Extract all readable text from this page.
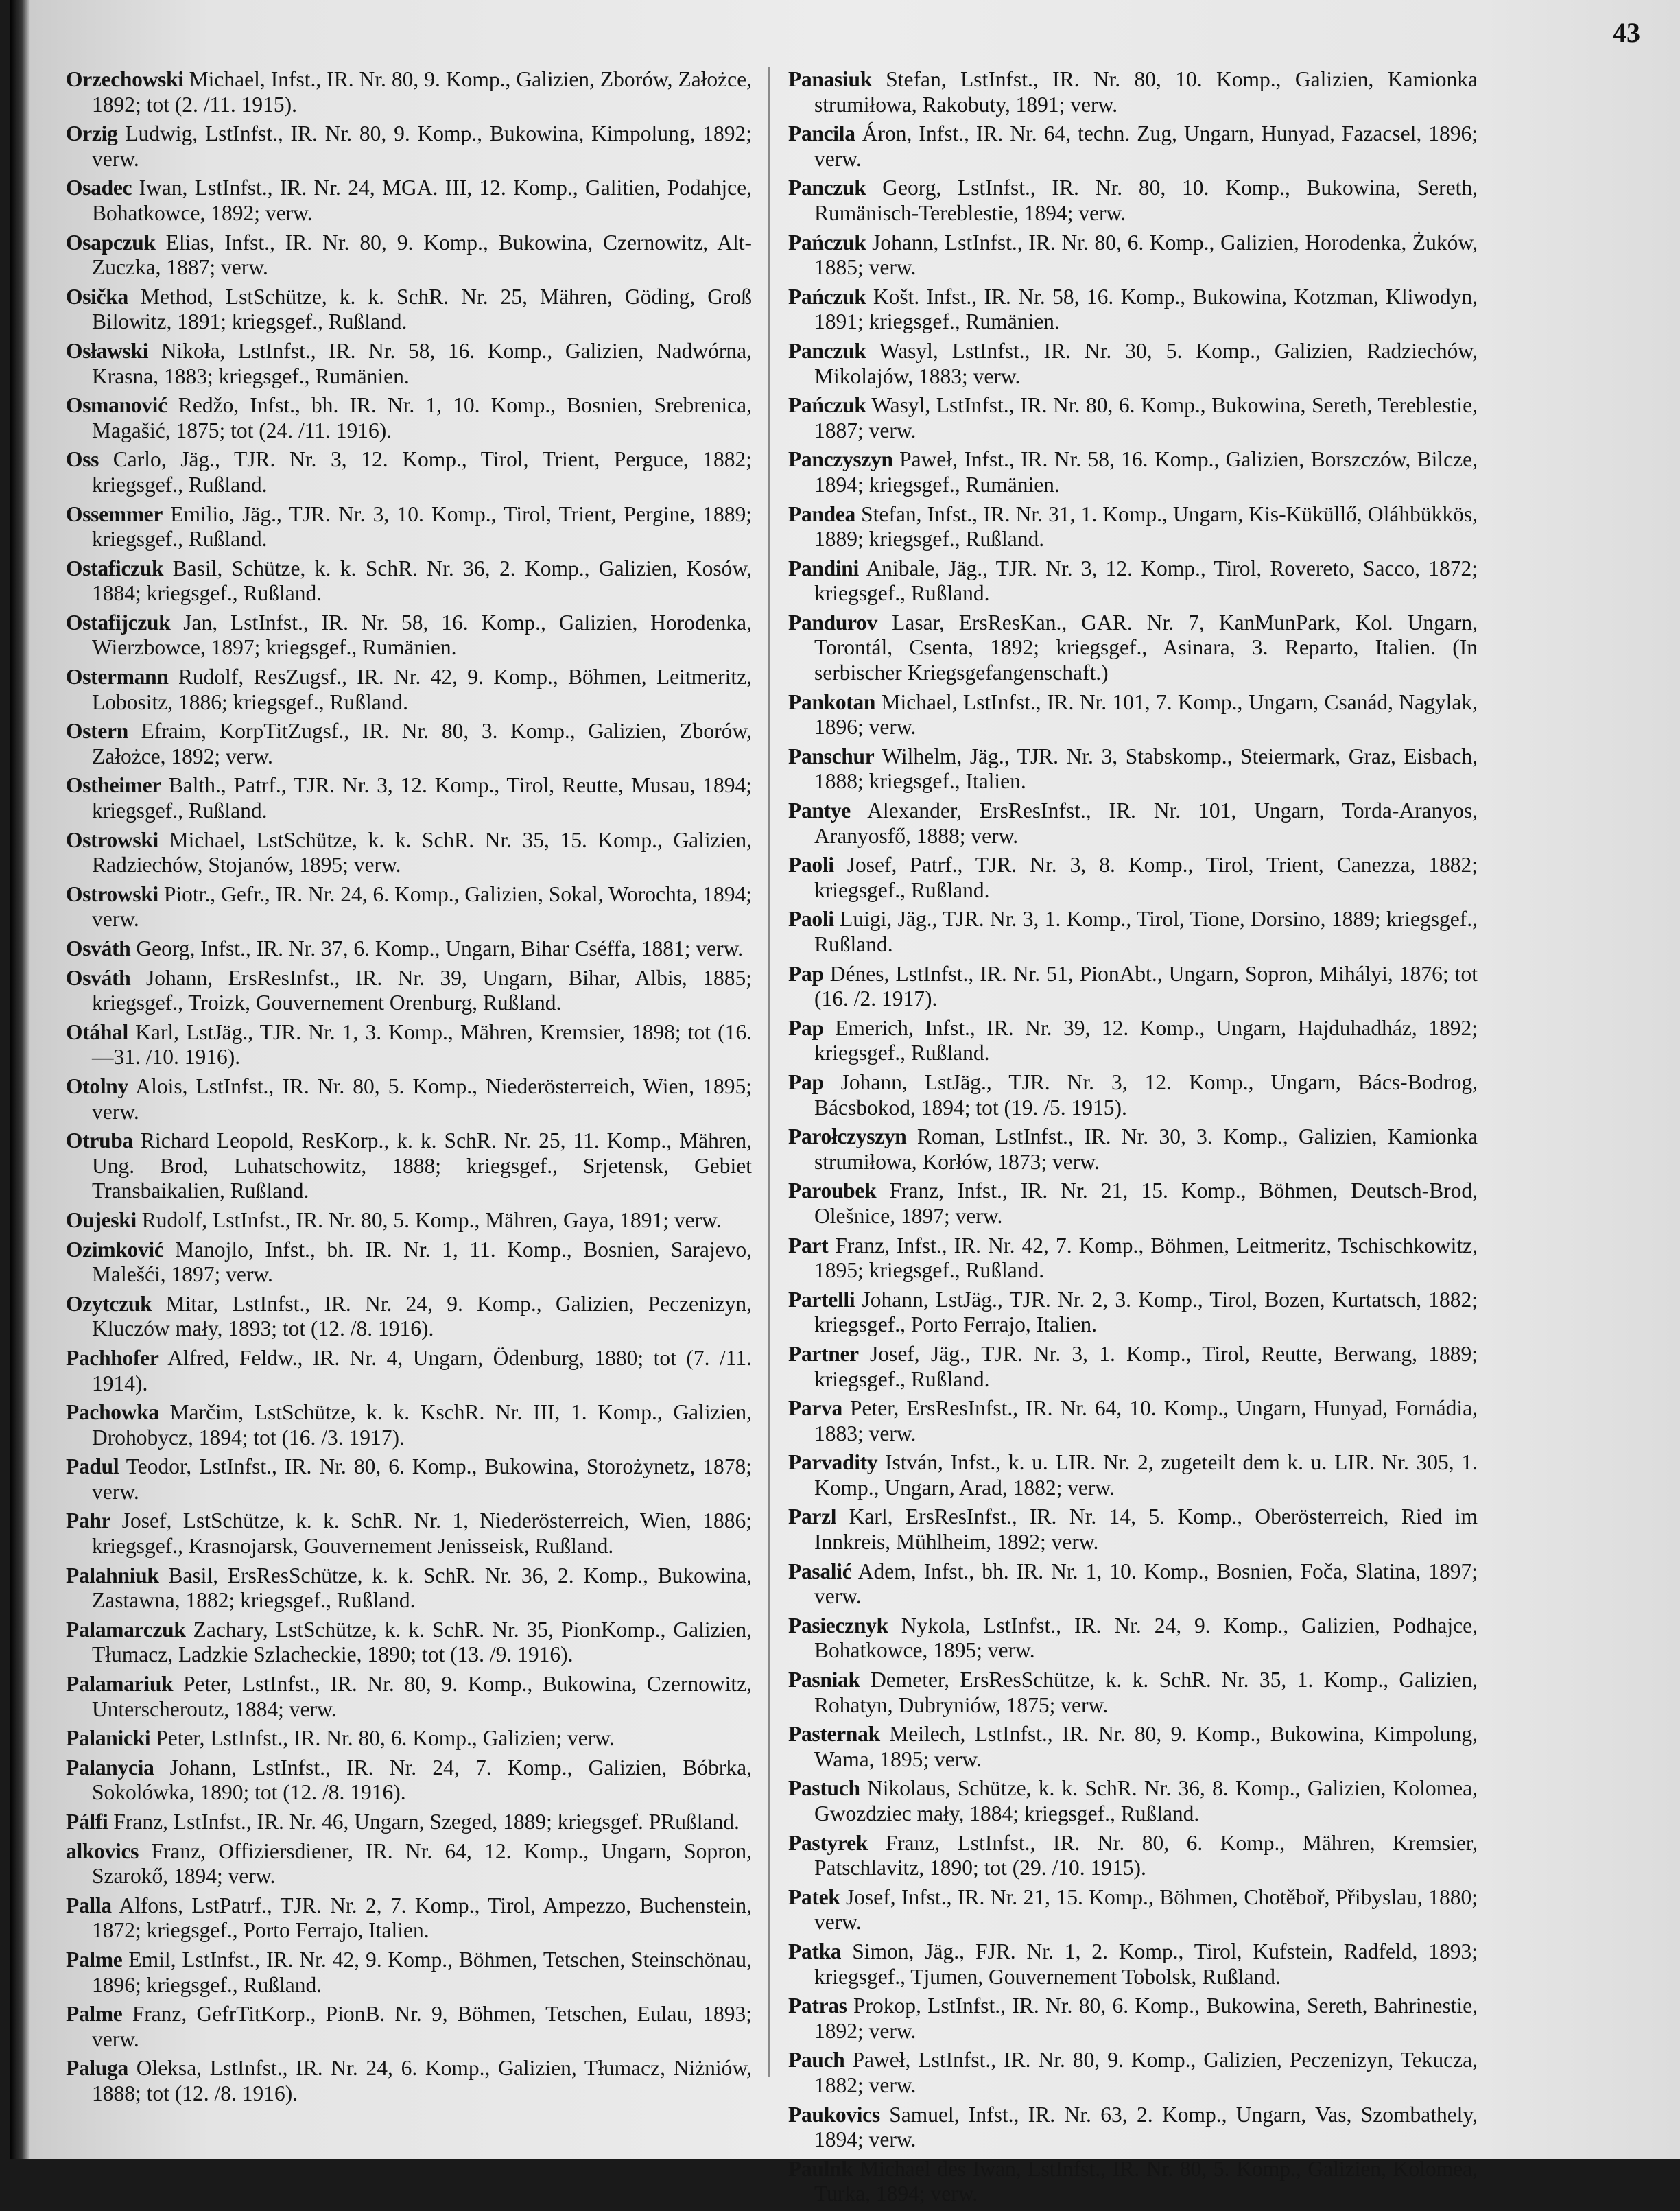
43

Orzechowski Michael, Infst., IR. Nr. 80, 9. Komp., Galizien, Zborów, Założce, 1892; tot (2. /11. 1915).

Orzig Ludwig, LstInfst., IR. Nr. 80, 9. Komp., Bukowina, Kimpolung, 1892; verw.

Osadec Iwan, LstInfst., IR. Nr. 24, MGA. III, 12. Komp., Galitien, Podahjce, Bohatkowce, 1892; verw.

Osapczuk Elias, Infst., IR. Nr. 80, 9. Komp., Bukowina, Czernowitz, Alt-Zuczka, 1887; verw.

Osička Method, LstSchütze, k. k. SchR. Nr. 25, Mähren, Göding, Groß Bilowitz, 1891; kriegsgef., Rußland.

Osławski Nikoła, LstInfst., IR. Nr. 58, 16. Komp., Galizien, Nadwórna, Krasna, 1883; kriegsgef., Rumänien.

Osmanović Redžo, Infst., bh. IR. Nr. 1, 10. Komp., Bosnien, Srebrenica, Magašić, 1875; tot (24. /11. 1916).

Oss Carlo, Jäg., TJR. Nr. 3, 12. Komp., Tirol, Trient, Perguce, 1882; kriegsgef., Rußland.

Ossemmer Emilio, Jäg., TJR. Nr. 3, 10. Komp., Tirol, Trient, Pergine, 1889; kriegsgef., Rußland.

Ostaficzuk Basil, Schütze, k. k. SchR. Nr. 36, 2. Komp., Galizien, Kosów, 1884; kriegsgef., Rußland.

Ostafijczuk Jan, LstInfst., IR. Nr. 58, 16. Komp., Galizien, Horodenka, Wierzbowce, 1897; kriegsgef., Rumänien.

Ostermann Rudolf, ResZugsf., IR. Nr. 42, 9. Komp., Böhmen, Leitmeritz, Lobositz, 1886; kriegsgef., Rußland.

Ostern Efraim, KorpTitZugsf., IR. Nr. 80, 3. Komp., Galizien, Zborów, Założce, 1892; verw.

Ostheimer Balth., Patrf., TJR. Nr. 3, 12. Komp., Tirol, Reutte, Musau, 1894; kriegsgef., Rußland.

Ostrowski Michael, LstSchütze, k. k. SchR. Nr. 35, 15. Komp., Galizien, Radziechów, Stojanów, 1895; verw.

Ostrowski Piotr., Gefr., IR. Nr. 24, 6. Komp., Galizien, Sokal, Worochta, 1894; verw.

Osváth Georg, Infst., IR. Nr. 37, 6. Komp., Ungarn, Bihar Cséffa, 1881; verw.

Osváth Johann, ErsResInfst., IR. Nr. 39, Ungarn, Bihar, Albis, 1885; kriegsgef., Troizk, Gouvernement Orenburg, Rußland.

Otáhal Karl, LstJäg., TJR. Nr. 1, 3. Komp., Mähren, Kremsier, 1898; tot (16.—31. /10. 1916).

Otolny Alois, LstInfst., IR. Nr. 80, 5. Komp., Niederösterreich, Wien, 1895; verw.

Otruba Richard Leopold, ResKorp., k. k. SchR. Nr. 25, 11. Komp., Mähren, Ung. Brod, Luhatschowitz, 1888; kriegsgef., Srjetensk, Gebiet Transbaikalien, Rußland.

Oujeski Rudolf, LstInfst., IR. Nr. 80, 5. Komp., Mähren, Gaya, 1891; verw.

Ozimković Manojlo, Infst., bh. IR. Nr. 1, 11. Komp., Bosnien, Sarajevo, Malešći, 1897; verw.

Ozytczuk Mitar, LstInfst., IR. Nr. 24, 9. Komp., Galizien, Peczenizyn, Kluczów mały, 1893; tot (12. /8. 1916).

Pachhofer Alfred, Feldw., IR. Nr. 4, Ungarn, Ödenburg, 1880; tot (7. /11. 1914).

Pachowka Marčim, LstSchütze, k. k. KschR. Nr. III, 1. Komp., Galizien, Drohobycz, 1894; tot (16. /3. 1917).

Padul Teodor, LstInfst., IR. Nr. 80, 6. Komp., Bukowina, Storożynetz, 1878; verw.

Pahr Josef, LstSchütze, k. k. SchR. Nr. 1, Niederösterreich, Wien, 1886; kriegsgef., Krasnojarsk, Gouvernement Jenisseisk, Rußland.

Palahniuk Basil, ErsResSchütze, k. k. SchR. Nr. 36, 2. Komp., Bukowina, Zastawna, 1882; kriegsgef., Rußland.

Palamarczuk Zachary, LstSchütze, k. k. SchR. Nr. 35, PionKomp., Galizien, Tłumacz, Ladzkie Szlacheckie, 1890; tot (13. /9. 1916).

Palamariuk Peter, LstInfst., IR. Nr. 80, 9. Komp., Bukowina, Czernowitz, Unterscheroutz, 1884; verw.

Palanicki Peter, LstInfst., IR. Nr. 80, 6. Komp., Galizien; verw.

Palanycia Johann, LstInfst., IR. Nr. 24, 7. Komp., Galizien, Bóbrka, Sokolówka, 1890; tot (12. /8. 1916).

Pálfi Franz, LstInfst., IR. Nr. 46, Ungarn, Szeged, 1889; kriegsgef. PRußland.

alkovics Franz, Offiziersdiener, IR. Nr. 64, 12. Komp., Ungarn, Sopron, Szarokő, 1894; verw.

Palla Alfons, LstPatrf., TJR. Nr. 2, 7. Komp., Tirol, Ampezzo, Buchenstein, 1872; kriegsgef., Porto Ferrajo, Italien.

Palme Emil, LstInfst., IR. Nr. 42, 9. Komp., Böhmen, Tetschen, Steinschönau, 1896; kriegsgef., Rußland.

Palme Franz, GefrTitKorp., PionB. Nr. 9, Böhmen, Tetschen, Eulau, 1893; verw.

Paluga Oleksa, LstInfst., IR. Nr. 24, 6. Komp., Galizien, Tłumacz, Niżniów, 1888; tot (12. /8. 1916).

Panasiuk Stefan, LstInfst., IR. Nr. 80, 10. Komp., Galizien, Kamionka strumiłowa, Rakobuty, 1891; verw.

Pancila Áron, Infst., IR. Nr. 64, techn. Zug, Ungarn, Hunyad, Fazacsel, 1896; verw.

Panczuk Georg, LstInfst., IR. Nr. 80, 10. Komp., Bukowina, Sereth, Rumänisch-Tereblestie, 1894; verw.

Pańczuk Johann, LstInfst., IR. Nr. 80, 6. Komp., Galizien, Horodenka, Żuków, 1885; verw.

Pańczuk Košt. Infst., IR. Nr. 58, 16. Komp., Bukowina, Kotzman, Kliwodyn, 1891; kriegsgef., Rumänien.

Panczuk Wasyl, LstInfst., IR. Nr. 30, 5. Komp., Galizien, Radziechów, Mikolajów, 1883; verw.

Pańczuk Wasyl, LstInfst., IR. Nr. 80, 6. Komp., Bukowina, Sereth, Tereblestie, 1887; verw.

Panczyszyn Paweł, Infst., IR. Nr. 58, 16. Komp., Galizien, Borszczów, Bilcze, 1894; kriegsgef., Rumänien.

Pandea Stefan, Infst., IR. Nr. 31, 1. Komp., Ungarn, Kis-Küküllő, Oláhbükkös, 1889; kriegsgef., Rußland.

Pandini Anibale, Jäg., TJR. Nr. 3, 12. Komp., Tirol, Rovereto, Sacco, 1872; kriegsgef., Rußland.

Pandurov Lasar, ErsResKan., GAR. Nr. 7, KanMunPark, Kol. Ungarn, Torontál, Csenta, 1892; kriegsgef., Asinara, 3. Reparto, Italien. (In serbischer Kriegsgefangenschaft.)

Pankotan Michael, LstInfst., IR. Nr. 101, 7. Komp., Ungarn, Csanád, Nagylak, 1896; verw.

Panschur Wilhelm, Jäg., TJR. Nr. 3, Stabskomp., Steiermark, Graz, Eisbach, 1888; kriegsgef., Italien.

Pantye Alexander, ErsResInfst., IR. Nr. 101, Ungarn, Torda-Aranyos, Aranyosfő, 1888; verw.

Paoli Josef, Patrf., TJR. Nr. 3, 8. Komp., Tirol, Trient, Canezza, 1882; kriegsgef., Rußland.

Paoli Luigi, Jäg., TJR. Nr. 3, 1. Komp., Tirol, Tione, Dorsino, 1889; kriegsgef., Rußland.

Pap Dénes, LstInfst., IR. Nr. 51, PionAbt., Ungarn, Sopron, Mihályi, 1876; tot (16. /2. 1917).

Pap Emerich, Infst., IR. Nr. 39, 12. Komp., Ungarn, Hajduhadház, 1892; kriegsgef., Rußland.

Pap Johann, LstJäg., TJR. Nr. 3, 12. Komp., Ungarn, Bács-Bodrog, Bácsbokod, 1894; tot (19. /5. 1915).

Parołczyszyn Roman, LstInfst., IR. Nr. 30, 3. Komp., Galizien, Kamionka strumiłowa, Korłów, 1873; verw.

Paroubek Franz, Infst., IR. Nr. 21, 15. Komp., Böhmen, Deutsch-Brod, Olešnice, 1897; verw.

Part Franz, Infst., IR. Nr. 42, 7. Komp., Böhmen, Leitmeritz, Tschischkowitz, 1895; kriegsgef., Rußland.

Partelli Johann, LstJäg., TJR. Nr. 2, 3. Komp., Tirol, Bozen, Kurtatsch, 1882; kriegsgef., Porto Ferrajo, Italien.

Partner Josef, Jäg., TJR. Nr. 3, 1. Komp., Tirol, Reutte, Berwang, 1889; kriegsgef., Rußland.

Parva Peter, ErsResInfst., IR. Nr. 64, 10. Komp., Ungarn, Hunyad, Fornádia, 1883; verw.

Parvadity István, Infst., k. u. LIR. Nr. 2, zugeteilt dem k. u. LIR. Nr. 305, 1. Komp., Ungarn, Arad, 1882; verw.

Parzl Karl, ErsResInfst., IR. Nr. 14, 5. Komp., Oberösterreich, Ried im Innkreis, Mühlheim, 1892; verw.

Pasalić Adem, Infst., bh. IR. Nr. 1, 10. Komp., Bosnien, Foča, Slatina, 1897; verw.

Pasiecznyk Nykola, LstInfst., IR. Nr. 24, 9. Komp., Galizien, Podhajce, Bohatkowce, 1895; verw.

Pasniak Demeter, ErsResSchütze, k. k. SchR. Nr. 35, 1. Komp., Galizien, Rohatyn, Dubryniów, 1875; verw.

Pasternak Meilech, LstInfst., IR. Nr. 80, 9. Komp., Bukowina, Kimpolung, Wama, 1895; verw.

Pastuch Nikolaus, Schütze, k. k. SchR. Nr. 36, 8. Komp., Galizien, Kolomea, Gwozdziec mały, 1884; kriegsgef., Rußland.

Pastyrek Franz, LstInfst., IR. Nr. 80, 6. Komp., Mähren, Kremsier, Patschlavitz, 1890; tot (29. /10. 1915).

Patek Josef, Infst., IR. Nr. 21, 15. Komp., Böhmen, Chotěboř, Přibyslau, 1880; verw.

Patka Simon, Jäg., FJR. Nr. 1, 2. Komp., Tirol, Kufstein, Radfeld, 1893; kriegsgef., Tjumen, Gouvernement Tobolsk, Rußland.

Patras Prokop, LstInfst., IR. Nr. 80, 6. Komp., Bukowina, Sereth, Bahrinestie, 1892; verw.

Pauch Paweł, LstInfst., IR. Nr. 80, 9. Komp., Galizien, Peczenizyn, Tekucza, 1882; verw.

Paukovics Samuel, Infst., IR. Nr. 63, 2. Komp., Ungarn, Vas, Szombathely, 1894; verw.

Paulnk Michael des Iwan, LstInfst., IR. Nr. 80, 5. Komp., Galizien, Kolomea, Turka, 1894; verw.
